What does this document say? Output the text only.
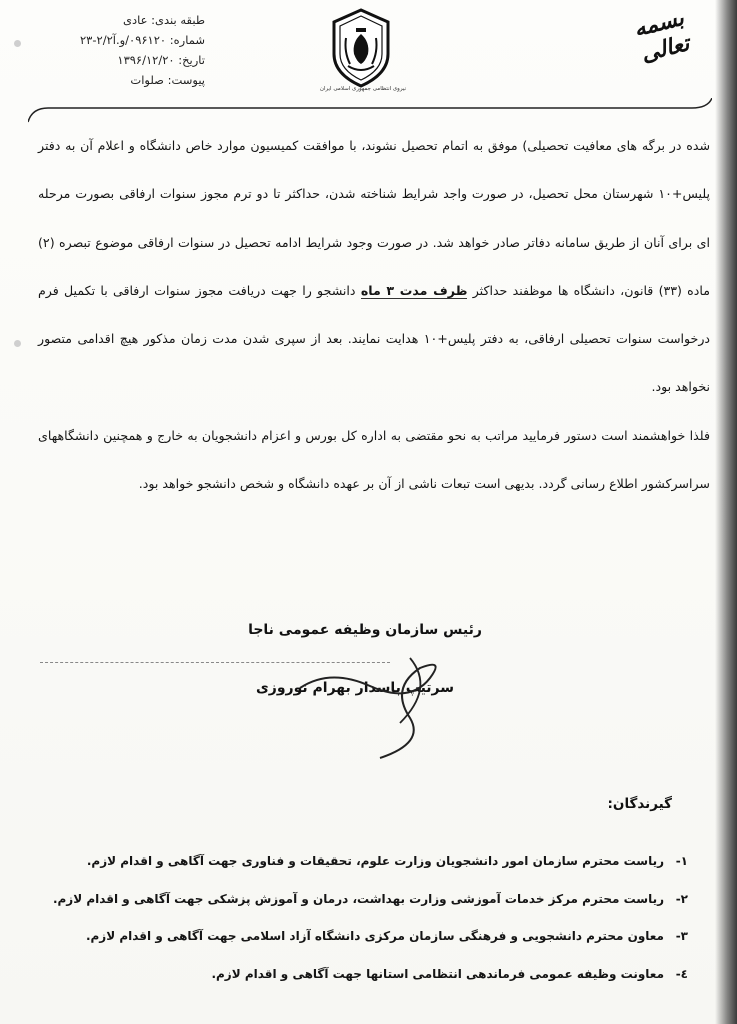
طبقه بندی: عادی
شماره: ۰۹۶۱۲۰/و.آ۲/۲-۲۳
تاریخ: ۱۳۹۶/۱۲/۲۰
پیوست: صلوات
نیروی انتظامی جمهوری اسلامی ایران
بسمه تعالی

شده در برگه های معافیت تحصیلی) موفق به اتمام تحصیل نشوند، با موافقت کمیسیون موارد خاص دانشگاه و اعلام آن به دفتر پلیس+۱۰ شهرستان محل تحصیل، در صورت واجد شرایط شناخته شدن، حداکثر تا دو ترم مجوز سنوات ارفاقی بصورت مرحله ای برای آنان از طریق سامانه دفاتر صادر خواهد شد. در صورت وجود شرایط ادامه تحصیل در سنوات ارفاقی موضوع تبصره (۲) ماده (۳۳) قانون، دانشگاه ها موظفند حداکثر ظرف مدت ۳ ماه دانشجو را جهت دریافت مجوز سنوات ارفاقی با تکمیل فرم درخواست سنوات تحصیلی ارفاقی، به دفتر پلیس+۱۰ هدایت نمایند. بعد از سپری شدن مدت زمان مذکور هیچ اقدامی متصور نخواهد بود.

فلذا خواهشمند است دستور فرمایید مراتب به نحو مقتضی به اداره کل بورس و اعزام دانشجویان به خارج و همچنین دانشگاههای سراسرکشور اطلاع رسانی گردد. بدیهی است تبعات ناشی از آن بر عهده دانشگاه و شخص دانشجو خواهد بود.

رئیس سازمان وظیفه عمومی ناجا
سرتیپ پاسدار بهرام نوروزی
گیرندگان:
۱-ریاست محترم سازمان امور دانشجویان وزارت علوم، تحقیقات و فناوری جهت آگاهی و اقدام لازم.
۲-ریاست محترم مرکز خدمات آموزشی وزارت بهداشت، درمان و آموزش پزشکی جهت آگاهی و اقدام لازم.
۳-معاون محترم دانشجویی و فرهنگی سازمان مرکزی دانشگاه آزاد اسلامی جهت آگاهی و اقدام لازم.
٤-معاونت وظیفه عمومی فرماندهی انتظامی استانها جهت آگاهی و اقدام لازم.
